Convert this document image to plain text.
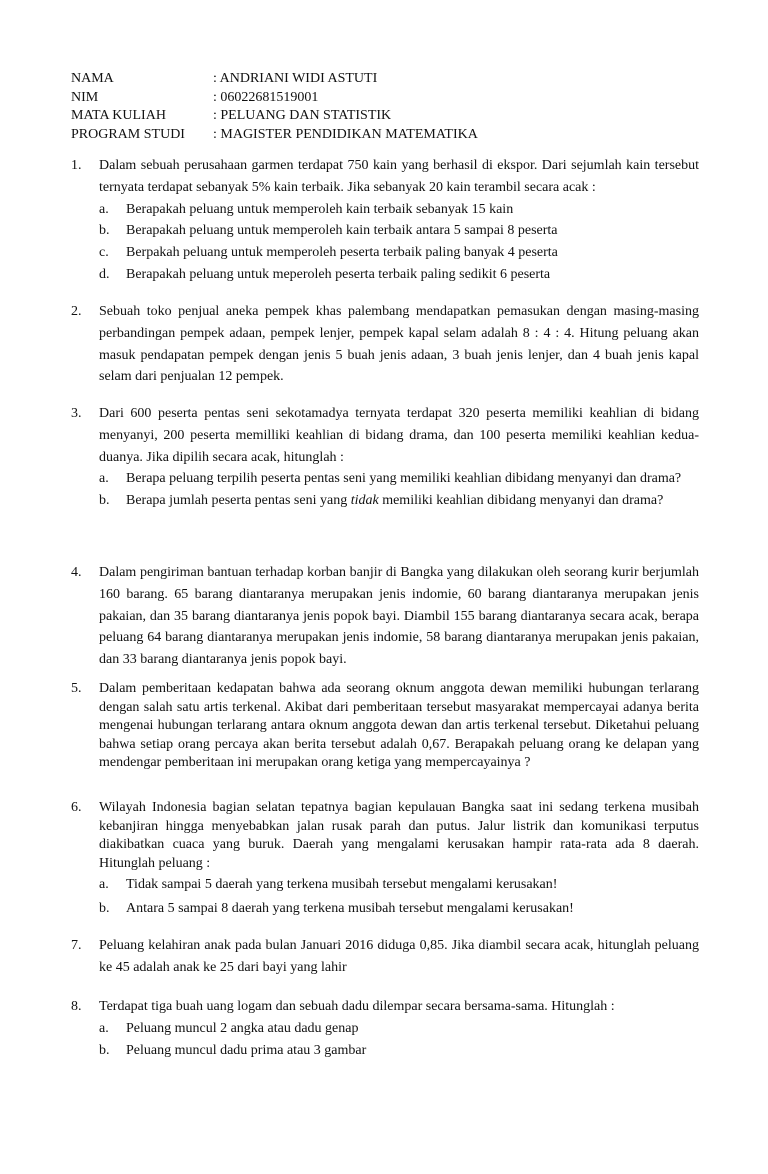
NAMA	: ANDRIANI WIDI ASTUTI
NIM	: 06022681519001
MATA KULIAH	: PELUANG DAN STATISTIK
PROGRAM STUDI	: MAGISTER PENDIDIKAN MATEMATIKA
1. Dalam sebuah perusahaan garmen terdapat 750 kain yang berhasil di ekspor. Dari sejumlah kain tersebut ternyata terdapat sebanyak 5% kain terbaik. Jika sebanyak 20 kain terambil secara acak :
a. Berapakah peluang untuk memperoleh kain terbaik sebanyak 15 kain
b. Berapakah peluang untuk memperoleh kain terbaik antara 5 sampai 8 peserta
c. Berpakah peluang untuk memperoleh peserta terbaik paling banyak 4 peserta
d. Berapakah peluang untuk meperoleh peserta terbaik paling sedikit 6 peserta
2. Sebuah toko penjual aneka pempek khas palembang mendapatkan pemasukan dengan masing-masing perbandingan pempek adaan, pempek lenjer, pempek kapal selam adalah 8 : 4 : 4. Hitung peluang akan masuk pendapatan pempek dengan jenis 5 buah jenis adaan, 3 buah jenis lenjer, dan 4 buah jenis kapal selam dari penjualan 12 pempek.
3. Dari 600 peserta pentas seni sekotamadya ternyata terdapat 320 peserta memiliki keahlian di bidang menyanyi, 200 peserta memilliki keahlian di bidang drama, dan 100 peserta memiliki keahlian kedua-duanya. Jika dipilih secara acak, hitunglah :
a. Berapa peluang terpilih peserta pentas seni yang memiliki keahlian dibidang menyanyi dan drama?
b. Berapa jumlah peserta pentas seni yang tidak memiliki keahlian dibidang menyanyi dan drama?
4. Dalam pengiriman bantuan terhadap korban banjir di Bangka yang dilakukan oleh seorang kurir berjumlah 160 barang. 65 barang diantaranya merupakan jenis indomie, 60 barang diantaranya merupakan jenis pakaian, dan 35 barang diantaranya jenis popok bayi. Diambil 155 barang diantaranya secara acak, berapa peluang 64 barang diantaranya merupakan jenis indomie, 58 barang diantaranya merupakan jenis pakaian, dan 33 barang diantaranya jenis popok bayi.
5. Dalam pemberitaan kedapatan bahwa ada seorang oknum anggota dewan memiliki hubungan terlarang dengan salah satu artis terkenal. Akibat dari pemberitaan tersebut masyarakat mempercayai adanya berita mengenai hubungan terlarang antara oknum anggota dewan dan artis terkenal tersebut. Diketahui peluang bahwa setiap orang percaya akan berita tersebut adalah 0,67. Berapakah peluang orang ke delapan yang mendengar pemberitaan ini merupakan orang ketiga yang mempercayainya ?
6. Wilayah Indonesia bagian selatan tepatnya bagian kepulauan Bangka saat ini sedang terkena musibah kebanjiran hingga menyebabkan jalan rusak parah dan putus. Jalur listrik dan komunikasi terputus diakibatkan cuaca yang buruk. Daerah yang mengalami kerusakan hampir rata-rata ada 8 daerah. Hitunglah peluang :
a. Tidak sampai 5 daerah yang terkena musibah tersebut mengalami kerusakan!
b. Antara 5 sampai 8 daerah yang terkena musibah tersebut mengalami kerusakan!
7. Peluang kelahiran anak pada bulan Januari 2016 diduga 0,85. Jika diambil secara acak, hitunglah peluang ke 45 adalah anak ke 25 dari bayi yang lahir
8. Terdapat tiga buah uang logam dan sebuah dadu dilempar secara bersama-sama. Hitunglah :
a. Peluang muncul 2 angka atau dadu genap
b. Peluang muncul dadu prima atau 3 gambar
